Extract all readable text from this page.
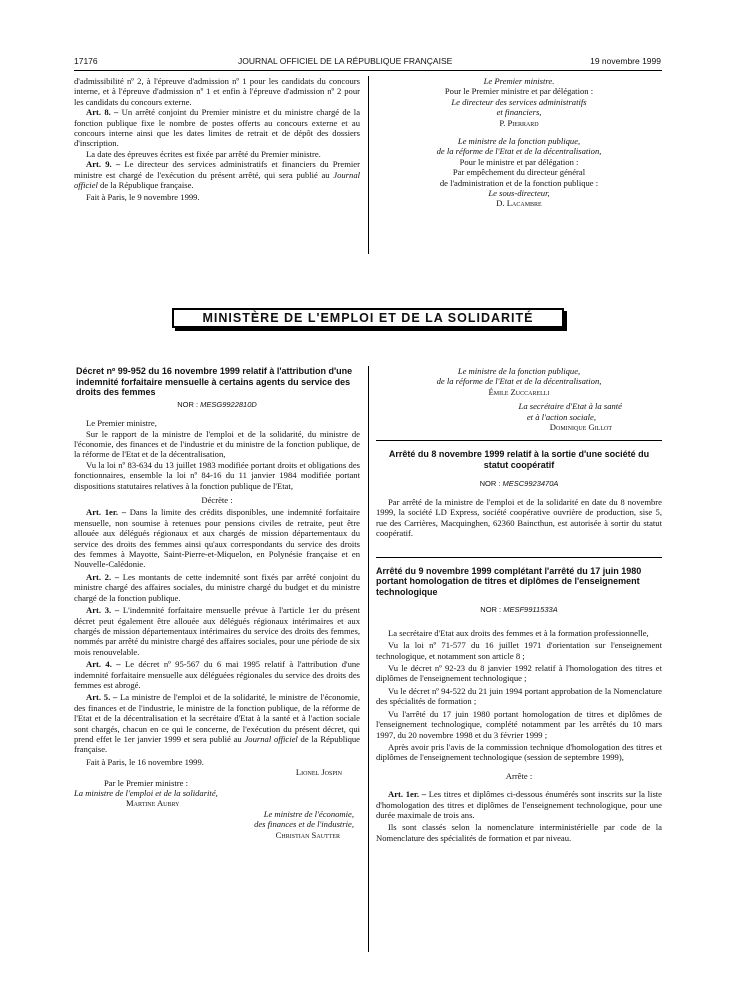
17176	JOURNAL OFFICIEL DE LA RÉPUBLIQUE FRANÇAISE	19 novembre 1999

d'admissibilité nº 2, à l'épreuve d'admission nº 1 pour les candidats du concours interne, et à l'épreuve d'admission nº 1 et enfin à l'épreuve d'admission nº 2 pour les candidats du concours externe.

Art. 8. – Un arrêté conjoint du Premier ministre et du ministre chargé de la fonction publique fixe le nombre de postes offerts au concours externe et au concours interne ainsi que les dates limites de retrait et de dépôt des dossiers d'inscription.

La date des épreuves écrites est fixée par arrêté du Premier ministre.

Art. 9. – Le directeur des services administratifs et financiers du Premier ministre est chargé de l'exécution du présent arrêté, qui sera publié au Journal officiel de la République française.

Fait à Paris, le 9 novembre 1999.

Le Premier ministre.

Pour le Premier ministre et par délégation :

Le directeur des services administratifs

et financiers,

P. Pierrard

Le ministre de la fonction publique,

de la réforme de l'Etat et de la décentralisation,

Pour le ministre et par délégation :

Par empêchement du directeur général

de l'administration et de la fonction publique :

Le sous-directeur,

D. Lacambre

MINISTÈRE DE L'EMPLOI ET DE LA SOLIDARITÉ

Décret nº 99-952 du 16 novembre 1999 relatif à l'attribution d'une indemnité forfaitaire mensuelle à certains agents du service des droits des femmes

NOR : MESG9922810D

Le Premier ministre,

Sur le rapport de la ministre de l'emploi et de la solidarité, du ministre de l'économie, des finances et de l'industrie et du ministre de la fonction publique, de la réforme de l'Etat et de la décentralisation,

Vu la loi nº 83-634 du 13 juillet 1983 modifiée portant droits et obligations des fonctionnaires, ensemble la loi nº 84-16 du 11 janvier 1984 modifiée portant dispositions statutaires relatives à la fonction publique de l'Etat,

Décrète :

Art. 1er. – Dans la limite des crédits disponibles, une indemnité forfaitaire mensuelle, non soumise à retenues pour pensions civiles de retraite, peut être allouée aux délégués régionaux et aux chargés de mission départementaux du service des droits des femmes ainsi qu'aux correspondants du service des droits des femmes à Mayotte, Saint-Pierre-et-Miquelon, en Polynésie française et en Nouvelle-Calédonie.

Art. 2. – Les montants de cette indemnité sont fixés par arrêté conjoint du ministre chargé des affaires sociales, du ministre chargé du budget et du ministre chargé de la fonction publique.

Art. 3. – L'indemnité forfaitaire mensuelle prévue à l'article 1er du présent décret peut également être allouée aux délégués régionaux intérimaires et aux chargés de mission départementaux intérimaires du service des droits des femmes, nommés par arrêté du ministre chargé des affaires sociales, pour une période de six mois renouvelable.

Art. 4. – Le décret nº 95-567 du 6 mai 1995 relatif à l'attribution d'une indemnité forfaitaire mensuelle aux déléguées régionales du service des droits des femmes est abrogé.

Art. 5. – La ministre de l'emploi et de la solidarité, le ministre de l'économie, des finances et de l'industrie, le ministre de la fonction publique, de la réforme de l'Etat et de la décentralisation et la secrétaire d'Etat à la santé et à l'action sociale sont chargés, chacun en ce qui le concerne, de l'exécution du présent décret, qui prend effet le 1er janvier 1999 et sera publié au Journal officiel de la République française.

Fait à Paris, le 16 novembre 1999.

Lionel Jospin

Par le Premier ministre :

La ministre de l'emploi et de la solidarité,

Martine Aubry

Le ministre de l'économie,

des finances et de l'industrie,

Christian Sautter

Le ministre de la fonction publique,

de la réforme de l'Etat et de la décentralisation,

Émile Zuccarelli

La secrétaire d'Etat à la santé

et à l'action sociale,

Dominique Gillot

Arrêté du 8 novembre 1999 relatif à la sortie d'une société du statut coopératif

NOR : MESC9923470A

Par arrêté de la ministre de l'emploi et de la solidarité en date du 8 novembre 1999, la société LD Express, société coopérative ouvrière de production, sise 5, rue des Carrières, Macquinghen, 62360 Baincthun, est autorisée à sortir du statut coopératif.

Arrêté du 9 novembre 1999 complétant l'arrêté du 17 juin 1980 portant homologation de titres et diplômes de l'enseignement technologique

NOR : MESF9911533A

La secrétaire d'Etat aux droits des femmes et à la formation professionnelle,

Vu la loi nº 71-577 du 16 juillet 1971 d'orientation sur l'enseignement technologique, et notamment son article 8 ;

Vu le décret nº 92-23 du 8 janvier 1992 relatif à l'homologation des titres et diplômes de l'enseignement technologique ;

Vu le décret nº 94-522 du 21 juin 1994 portant approbation de la Nomenclature des spécialités de formation ;

Vu l'arrêté du 17 juin 1980 portant homologation de titres et diplômes de l'enseignement technologique, complété notamment par les arrêtés du 10 mars 1997, du 20 novembre 1998 et du 3 février 1999 ;

Après avoir pris l'avis de la commission technique d'homologation des titres et diplômes de l'enseignement technologique (session de septembre 1999),

Arrête :

Art. 1er. – Les titres et diplômes ci-dessous énumérés sont inscrits sur la liste d'homologation des titres et diplômes de l'enseignement technologique, pour une durée maximale de trois ans.

Ils sont classés selon la nomenclature interministérielle par code de la Nomenclature des spécialités de formation et par niveau.
